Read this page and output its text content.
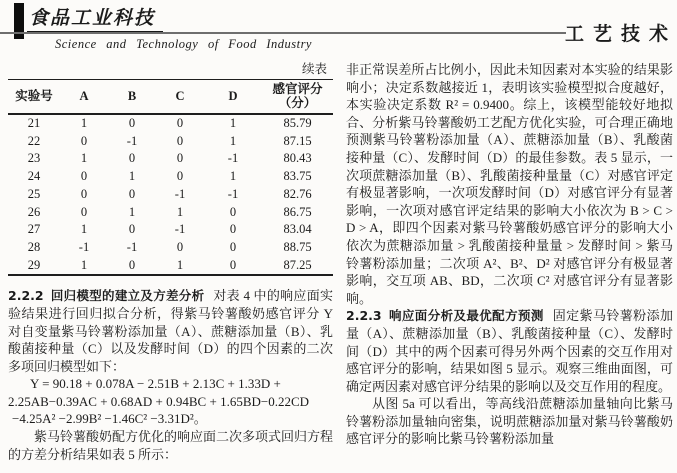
食品工业科技
Science and Technology of Food Industry	工艺技术
续表
实验号	A	B	C	D	感官评分（分）
21	1	0	0	1	85.79
22	0	-1	0	1	87.15
23	1	0	0	-1	80.43
24	0	1	0	1	83.75
25	0	0	-1	-1	82.76
26	0	1	1	0	86.75
27	1	0	-1	0	83.04
28	-1	-1	0	0	88.75
29	1	0	1	0	87.25

2.2.2 回归模型的建立及方差分析 对表 4 中的响应面实验结果进行回归拟合分析，得紫马铃薯酸奶感官评分 Y 对自变量紫马铃薯粉添加量（A）、蔗糖添加量（B）、乳酸菌接种量（C）以及发酵时间（D）的四个因素的二次多项回归模型如下：

Y = 90.18 + 0.078A − 2.51B + 2.13C + 1.33D +
2.25AB−0.39AC + 0.68AD + 0.94BC + 1.65BD−0.22CD
−4.25A² −2.99B² −1.46C² −3.31D²。

紫马铃薯酸奶配方优化的响应面二次多项式回归方程的方差分析结果如表 5 所示：

非正常误差所占比例小，因此未知因素对本实验的结果影响小；决定系数越接近 1，表明该实验模型拟合度越好，本实验决定系数 R² = 0.9400。综上，该模型能较好地拟合、分析紫马铃薯酸奶工艺配方优化实验，可合理正确地预测紫马铃薯粉添加量（A）、蔗糖添加量（B）、乳酸菌接种量（C）、发酵时间（D）的最佳参数。表 5 显示，一次项蔗糖添加量（B）、乳酸菌接种量量（C）对感官评定有极显著影响，一次项发酵时间（D）对感官评分有显著影响，一次项对感官评定结果的影响大小依次为 B > C > D > A，即四个因素对紫马铃薯酸奶感官评分的影响大小依次为蔗糖添加量 > 乳酸菌接种量量 > 发酵时间 > 紫马铃薯粉添加量；二次项 A²、B²、D² 对感官评分有极显著影响，交互项 AB、BD，二次项 C² 对感官评分有显著影响。

2.2.3 响应面分析及最优配方预测 固定紫马铃薯粉添加量（A）、蔗糖添加量（B）、乳酸菌接种量（C）、发酵时间（D）其中的两个因素可得另外两个因素的交互作用对感官评分的影响，结果如图 5 显示。观察三维曲面图，可确定两因素对感官评分结果的影响以及交互作用的程度。

从图 5a 可以看出，等高线沿蔗糖添加量轴向比紫马铃薯粉添加量轴向密集，说明蔗糖添加量对紫马铃薯酸奶感官评分的影响比紫马铃薯粉添加量
